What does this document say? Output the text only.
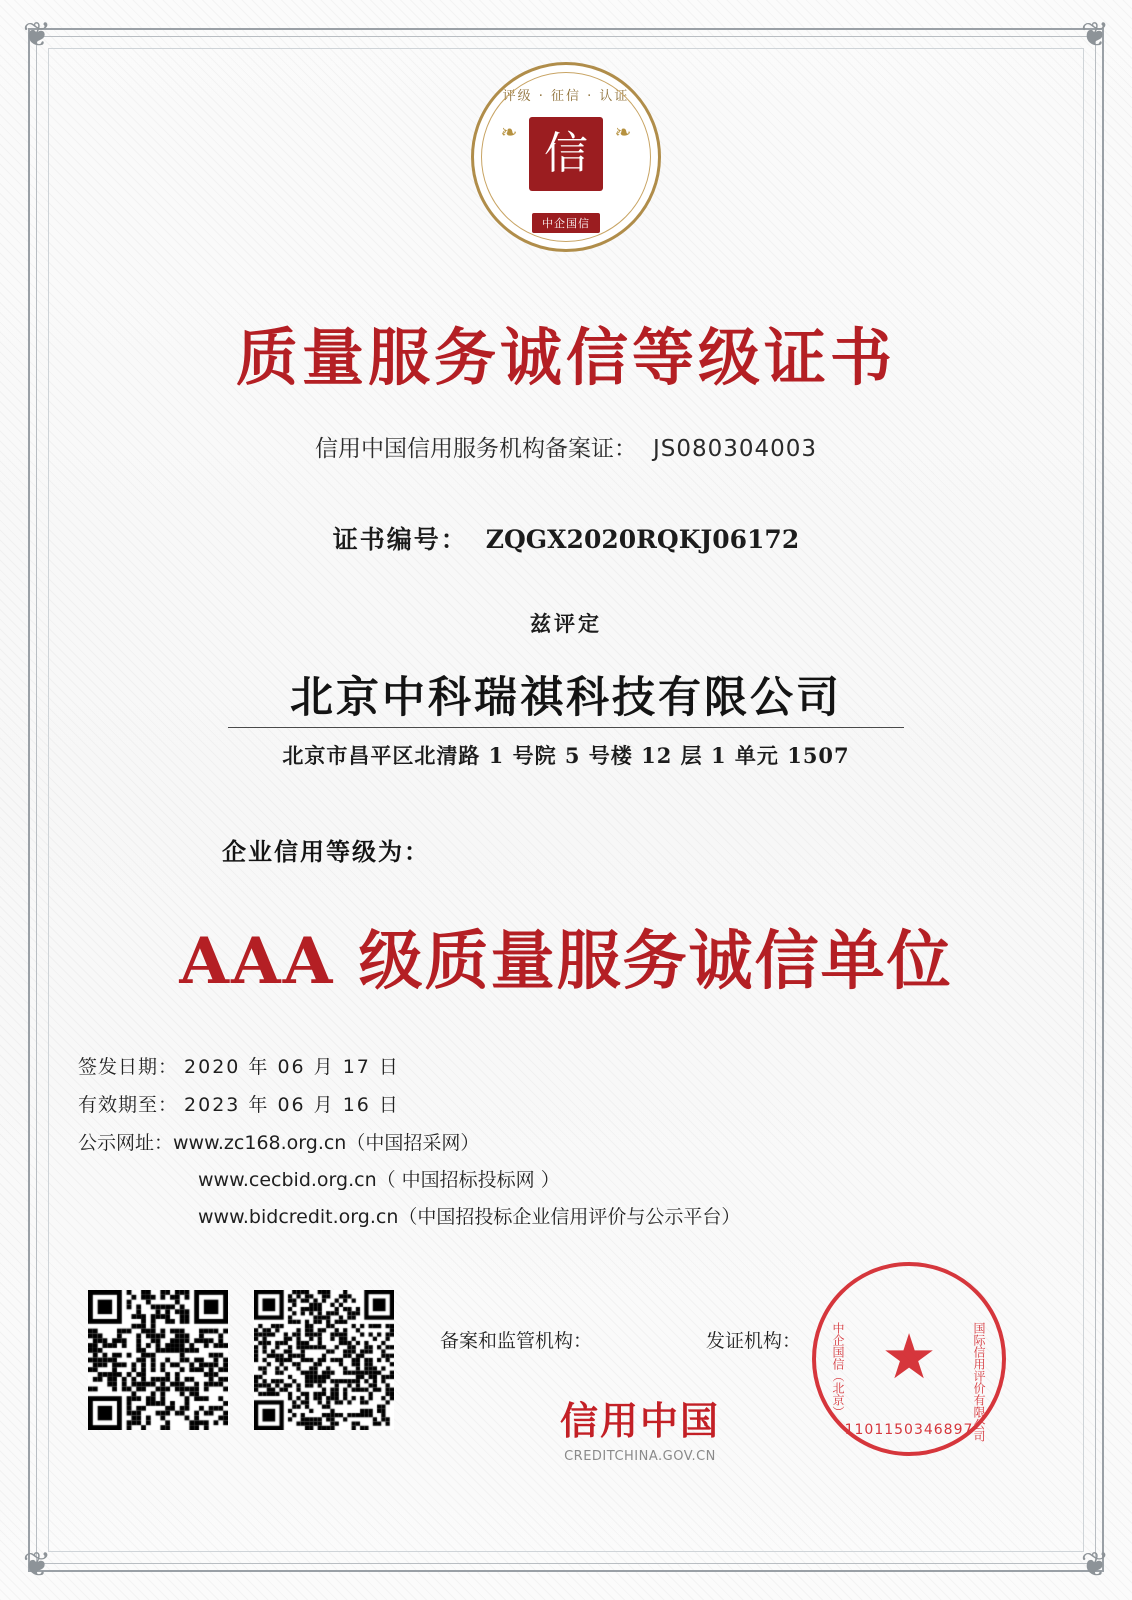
❦	❦
❦	❦
评级 · 征信 · 认证
❧	❧
信
中企国信
质量服务诚信等级证书
信用中国信用服务机构备案证： JS080304003
证书编号： ZQGX2020RQKJ06172
兹评定
北京中科瑞祺科技有限公司
北京市昌平区北清路 1 号院 5 号楼 12 层 1 单元 1507
企业信用等级为：
AAA 级质量服务诚信单位
签发日期： 2020 年 06 月 17 日
有效期至： 2023 年 06 月 16 日
公示网址：www.zc168.org.cn（中国招采网）
www.cecbid.org.cn（ 中国招标投标网 ）
www.bidcredit.org.cn（中国招投标企业信用评价与公示平台）
备案和监管机构：	发证机构：
信用中国
CREDITCHINA.GOV.CN
中企国信（北京）	国际信用评价有限公司
★
1101150346897
